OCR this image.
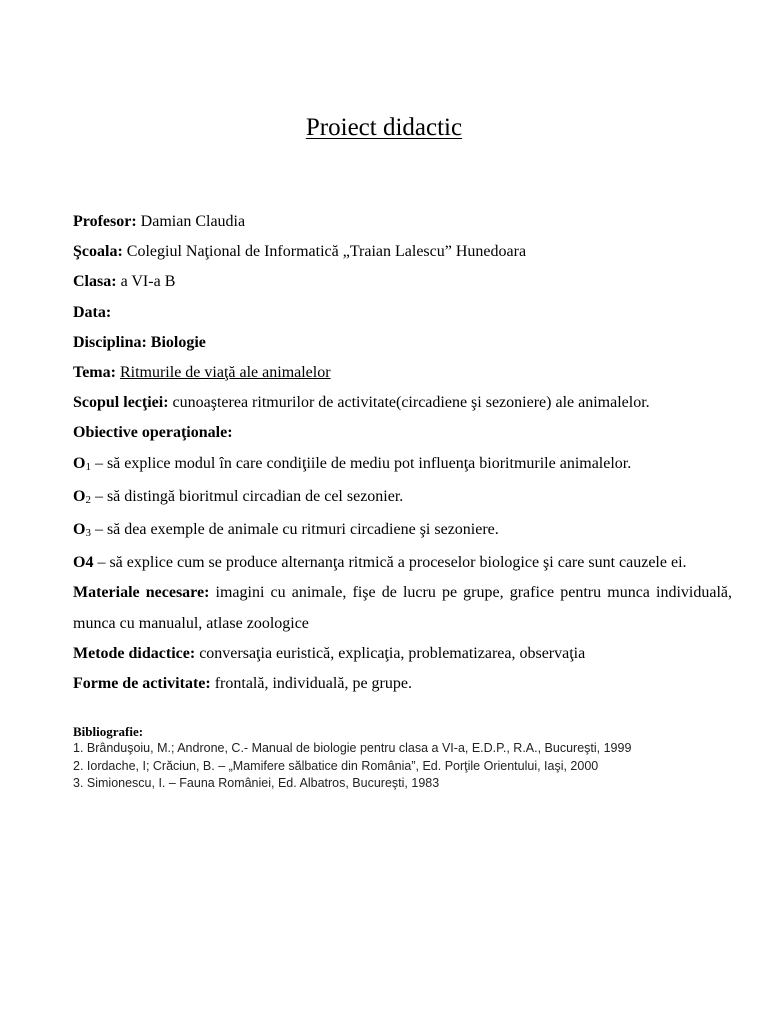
Proiect didactic

Profesor: Damian Claudia

Şcoala: Colegiul Naţional de Informatică „Traian Lalescu” Hunedoara

Clasa: a VI-a B

Data:

Disciplina: Biologie

Tema: Ritmurile de viaţă ale animalelor

Scopul lecţiei: cunoaşterea ritmurilor de activitate(circadiene şi sezoniere) ale animalelor.

Obiective operaţionale:

$O_1$ – să explice modul în care condiţiile de mediu pot influenţa bioritmurile animalelor.

$O_2$ – să distingă bioritmul circadian de cel sezonier.

$O_3$ – să dea exemple de animale cu ritmuri circadiene şi sezoniere.

O4 – să explice cum se produce alternanţa ritmică a proceselor biologice şi care sunt cauzele ei.

Materiale necesare: imagini cu animale, fişe de lucru pe grupe, grafice pentru munca individuală, munca cu manualul, atlase zoologice

Metode didactice: conversaţia euristică, explicaţia, problematizarea, observaţia

Forme de activitate: frontală, individuală, pe grupe.

Bibliografie:

1. Brânduşoiu, M.; Androne, C.- Manual de biologie pentru clasa a VI-a, E.D.P., R.A., Bucureşti, 1999

2. Iordache, I; Crăciun, B. – „Mamifere sălbatice din România”, Ed. Porţile Orientului, Iaşi, 2000

3. Simionescu, I. – Fauna României, Ed. Albatros, Bucureşti, 1983
